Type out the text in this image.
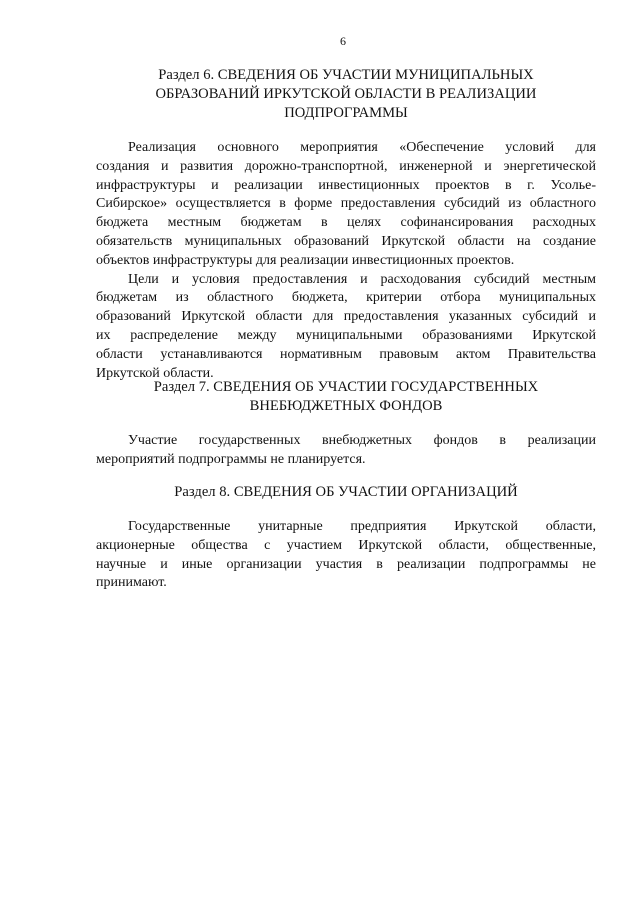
6
Раздел 6. СВЕДЕНИЯ ОБ УЧАСТИИ МУНИЦИПАЛЬНЫХ
ОБРАЗОВАНИЙ ИРКУТСКОЙ ОБЛАСТИ В РЕАЛИЗАЦИИ
ПОДПРОГРАММЫ

Реализация основного мероприятия «Обеспечение условий для
создания и развития дорожно-транспортной, инженерной и энергетической
инфраструктуры и реализации инвестиционных проектов в г. Усолье-
Сибирское» осуществляется в форме предоставления субсидий из областного
бюджета местным бюджетам в целях софинансирования расходных
обязательств муниципальных образований Иркутской области на создание
объектов инфраструктуры для реализации инвестиционных проектов.

Цели и условия предоставления и расходования субсидий местным
бюджетам из областного бюджета, критерии отбора муниципальных
образований Иркутской области для предоставления указанных субсидий и
их распределение между муниципальными образованиями Иркутской
области устанавливаются нормативным правовым актом Правительства
Иркутской области.

Раздел 7. СВЕДЕНИЯ ОБ УЧАСТИИ ГОСУДАРСТВЕННЫХ
ВНЕБЮДЖЕТНЫХ ФОНДОВ

Участие государственных внебюджетных фондов в реализации
мероприятий подпрограммы не планируется.

Раздел 8. СВЕДЕНИЯ ОБ УЧАСТИИ ОРГАНИЗАЦИЙ

Государственные унитарные предприятия Иркутской области,
акционерные общества с участием Иркутской области, общественные,
научные и иные организации участия в реализации подпрограммы не
принимают.
